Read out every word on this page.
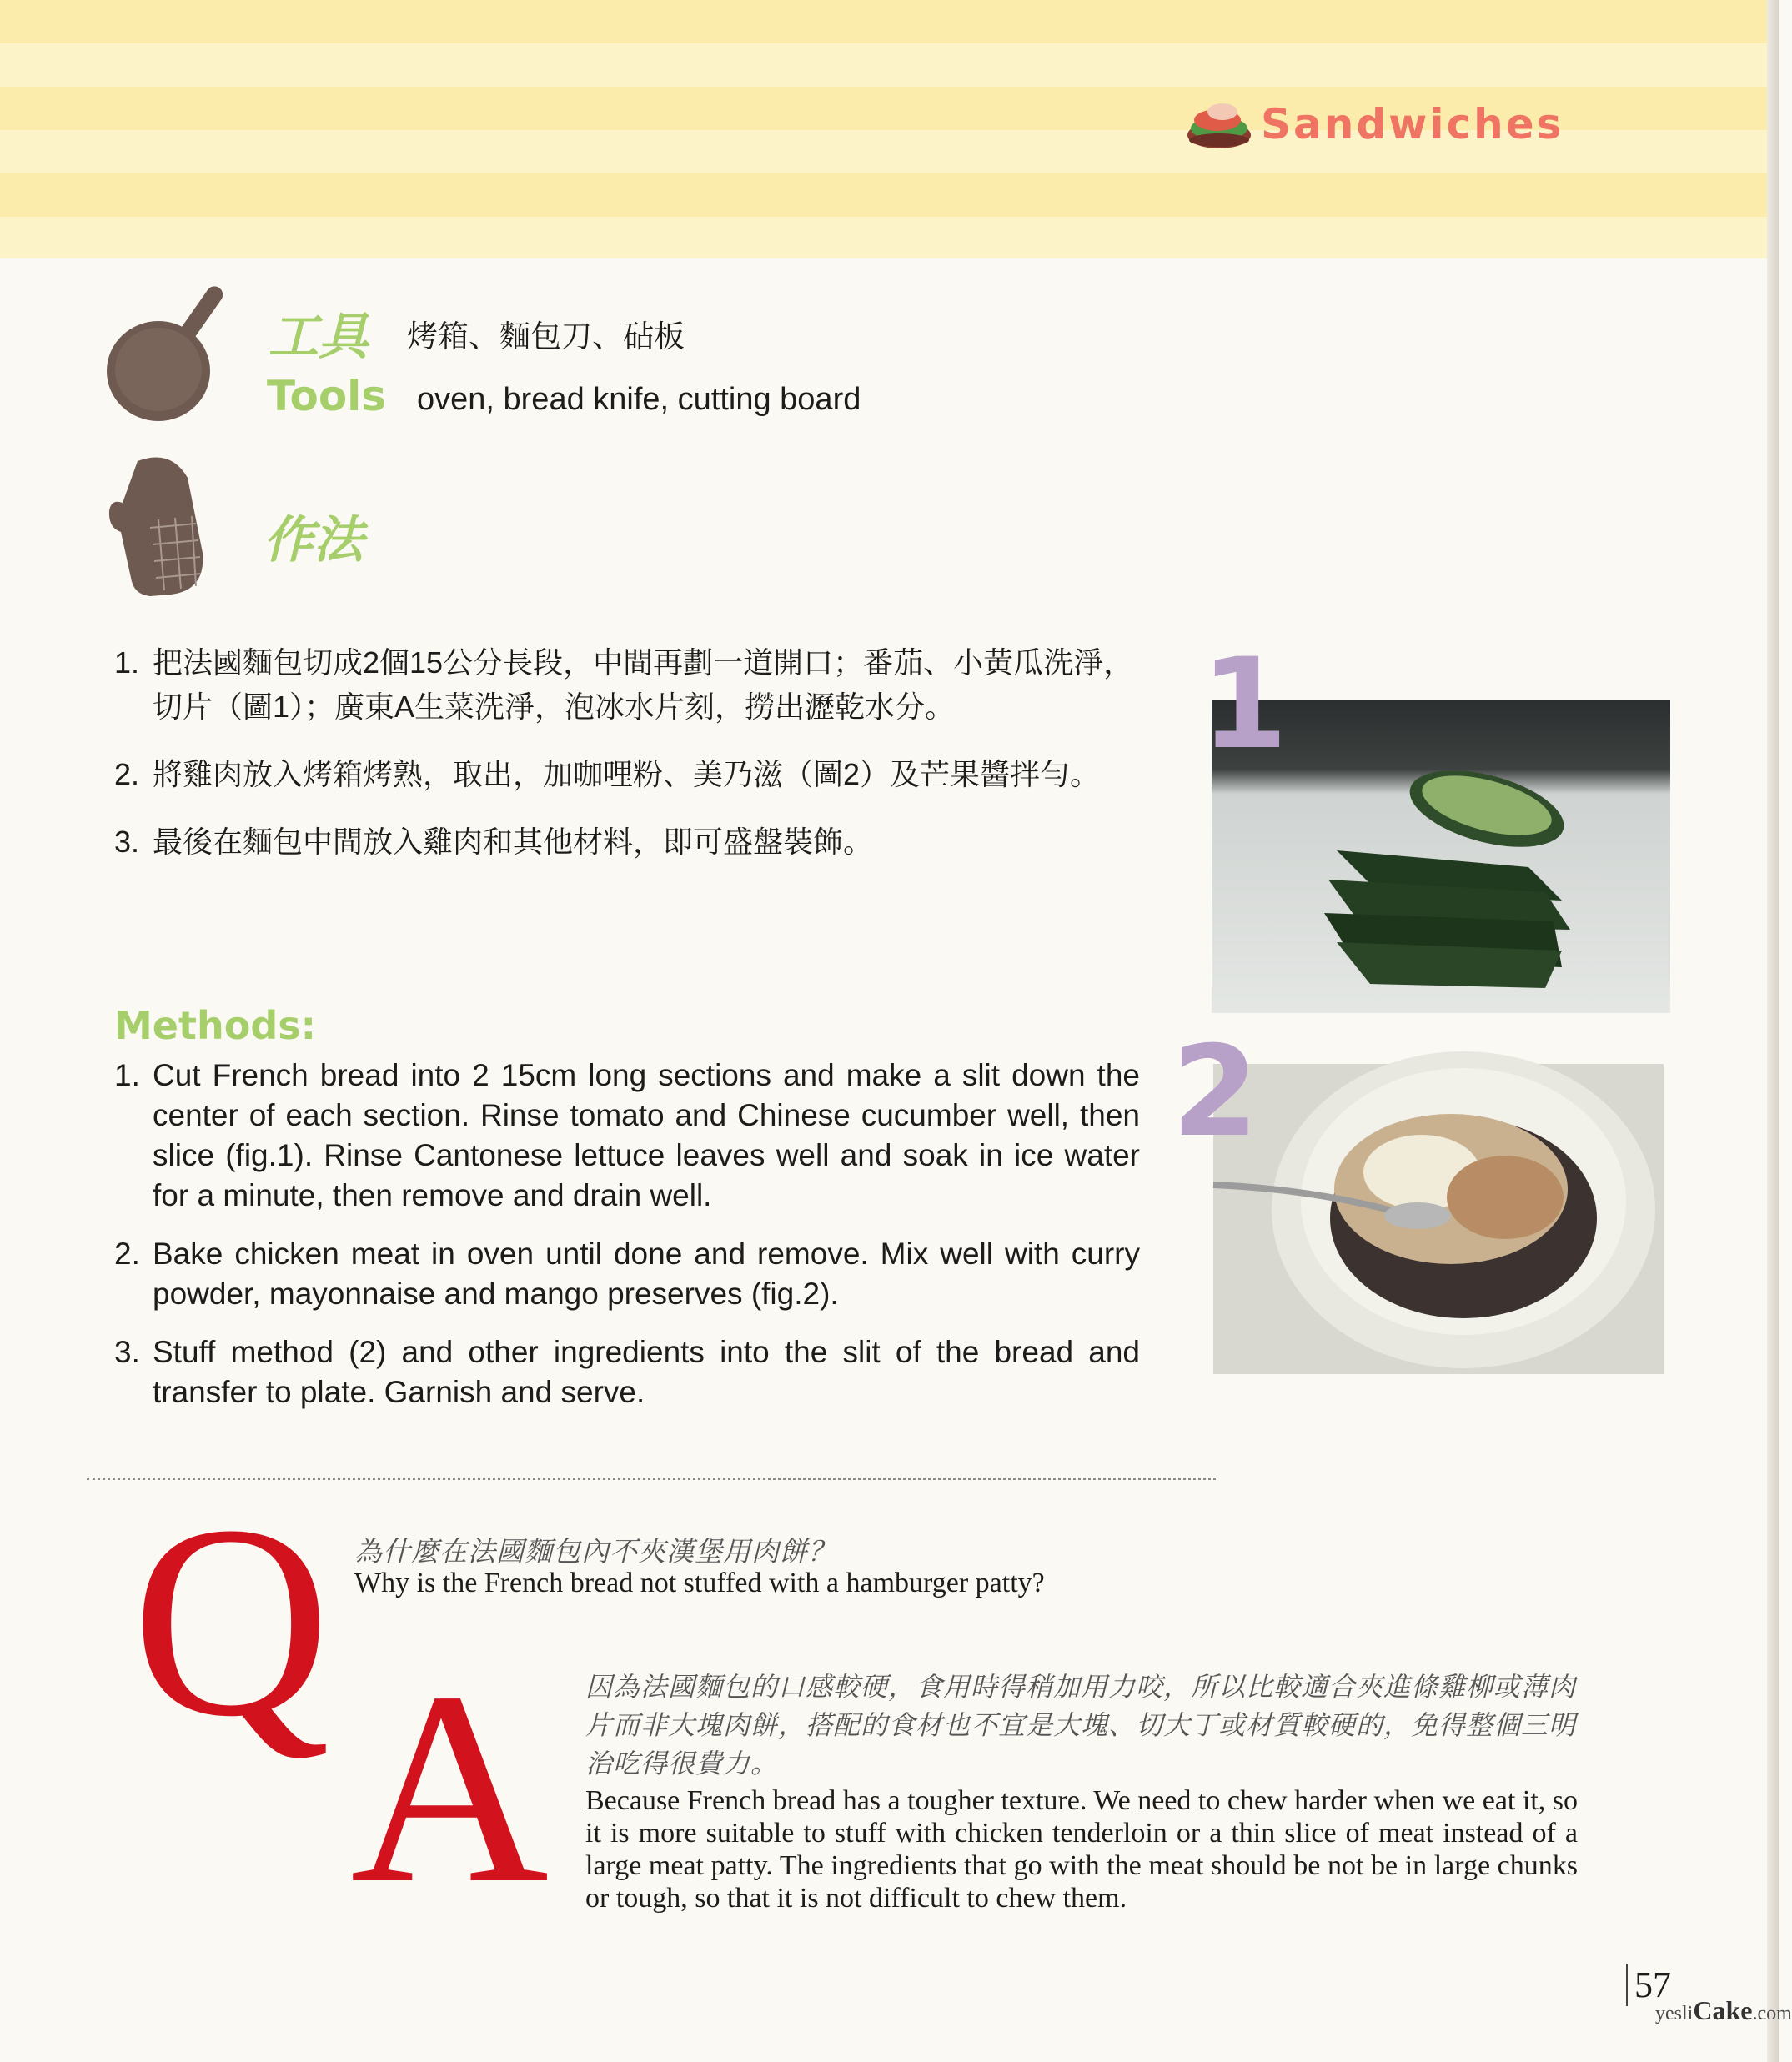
Sandwiches
工具 烤箱、麵包刀、砧板
Tools oven, bread knife, cutting board
作法
1. 把法國麵包切成2個15公分長段，中間再劃一道開口；番茄、小黃瓜洗淨，切片（圖1）；廣東A生菜洗淨，泡冰水片刻，撈出瀝乾水分。
2. 將雞肉放入烤箱烤熟，取出，加咖哩粉、美乃滋（圖2）及芒果醬拌勻。
3. 最後在麵包中間放入雞肉和其他材料，即可盛盤裝飾。
Methods:
1. Cut French bread into 2 15cm long sections and make a slit down the center of each section. Rinse tomato and Chinese cucumber well, then slice (fig.1). Rinse Cantonese lettuce leaves well and soak in ice water for a minute, then remove and drain well.
2. Bake chicken meat in oven until done and remove. Mix well with curry powder, mayonnaise and mango preserves (fig.2).
3. Stuff method (2) and other ingredients into the slit of the bread and transfer to plate. Garnish and serve.
1
2
Q 為什麼在法國麵包內不夾漢堡用肉餅？
Why is the French bread not stuffed with a hamburger patty?
A 因為法國麵包的口感較硬，食用時得稍加用力咬，所以比較適合夾進條雞柳或薄肉片而非大塊肉餅，搭配的食材也不宜是大塊、切大丁或材質較硬的，免得整個三明治吃得很費力。
Because French bread has a tougher texture. We need to chew harder when we eat it, so it is more suitable to stuff with chicken tenderloin or a thin slice of meat instead of a large meat patty. The ingredients that go with the meat should be not be in large chunks or tough, so that it is not difficult to chew them.
57
yesliCake.com
